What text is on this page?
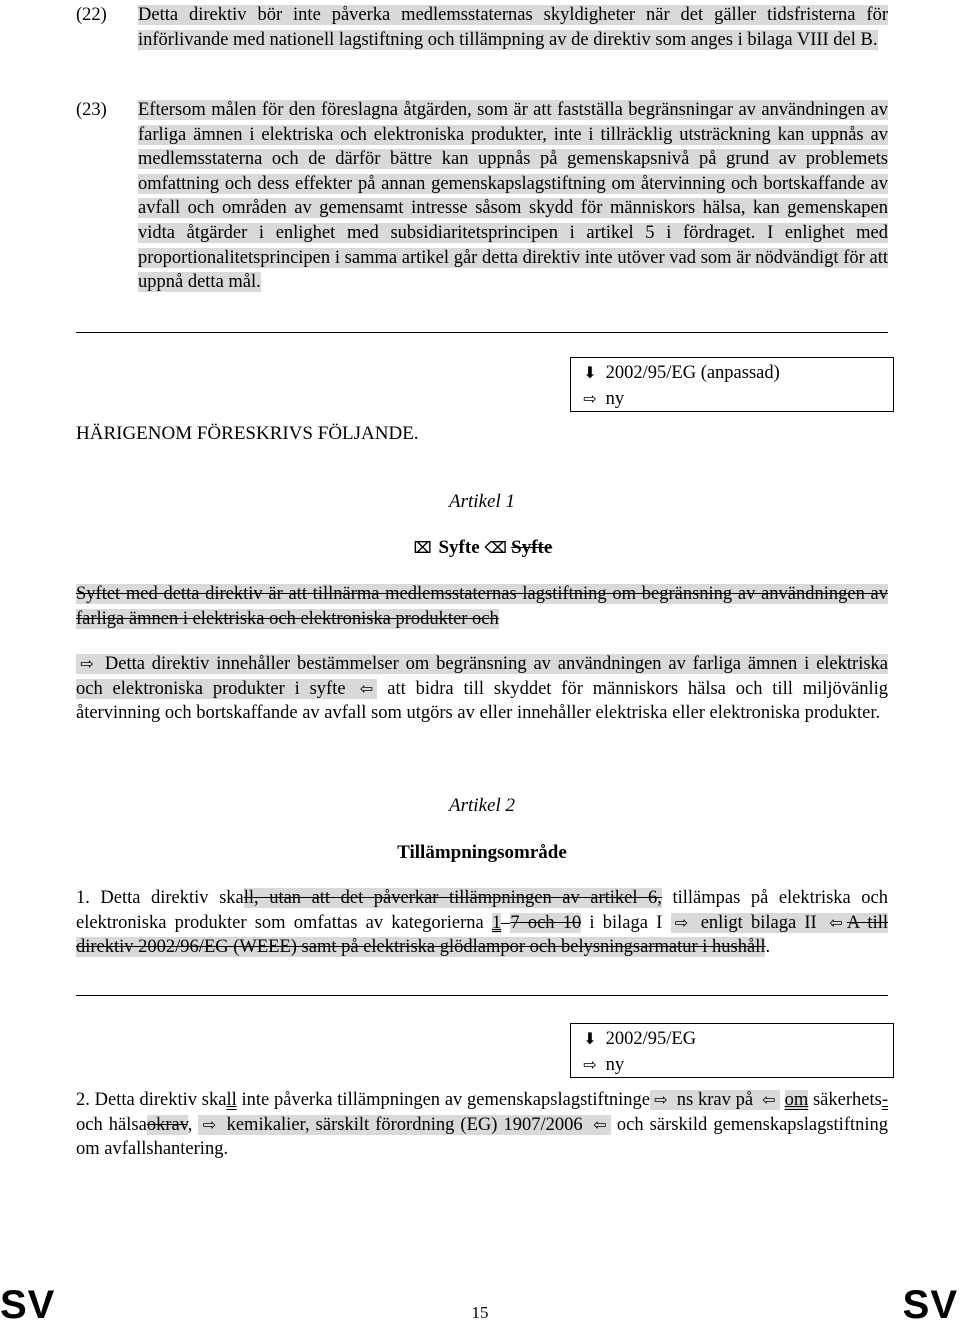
(22) Detta direktiv bör inte påverka medlemsstaternas skyldigheter när det gäller tidsfristerna för införlivande med nationell lagstiftning och tillämpning av de direktiv som anges i bilaga VIII del B.

(23) Eftersom målen för den föreslagna åtgärden, som är att fastställa begränsningar av användningen av farliga ämnen i elektriska och elektroniska produkter, inte i tillräcklig utsträckning kan uppnås av medlemsstaterna och de därför bättre kan uppnås på gemenskapsnivå på grund av problemets omfattning och dess effekter på annan gemenskapslagstiftning om återvinning och bortskaffande av avfall och områden av gemensamt intresse såsom skydd för människors hälsa, kan gemenskapen vidta åtgärder i enlighet med subsidiaritetsprincipen i artikel 5 i fördraget. I enlighet med proportionalitetsprincipen i samma artikel går detta direktiv inte utöver vad som är nödvändigt för att uppnå detta mål.

⬇ 2002/95/EG (anpassad)
⇨ ny
HÄRIGENOM FÖRESKRIVS FÖLJANDE.
Artikel 1
⌧ Syfte ⌫ Syfte

Syftet med detta direktiv är att tillnärma medlemsstaternas lagstiftning om begränsning av användningen av farliga ämnen i elektriska och elektroniska produkter och

⇨ Detta direktiv innehåller bestämmelser om begränsning av användningen av farliga ämnen i elektriska och elektroniska produkter i syfte ⇦ att bidra till skyddet för människors hälsa och till miljövänlig återvinning och bortskaffande av avfall som utgörs av eller innehåller elektriska eller elektroniska produkter.

Artikel 2
Tillämpningsområde

1. Detta direktiv skall, utan att det påverkar tillämpningen av artikel 6, tillämpas på elektriska och elektroniska produkter som omfattas av kategorierna 1–7 och 10 i bilaga I ⇨ enligt bilaga II ⇦ A till direktiv 2002/96/EG (WEEE) samt på elektriska glödlampor och belysningsarmatur i hushåll.

⬇ 2002/95/EG
⇨ ny

2. Detta direktiv skall inte påverka tillämpningen av gemenskapslagstiftninge ⇨ ns krav på ⇦ om säkerhets- och hälsaokrav, ⇨ kemikalier, särskilt förordning (EG) 1907/2006 ⇦ och särskild gemenskapslagstiftning om avfallshantering.

SV	15	SV
